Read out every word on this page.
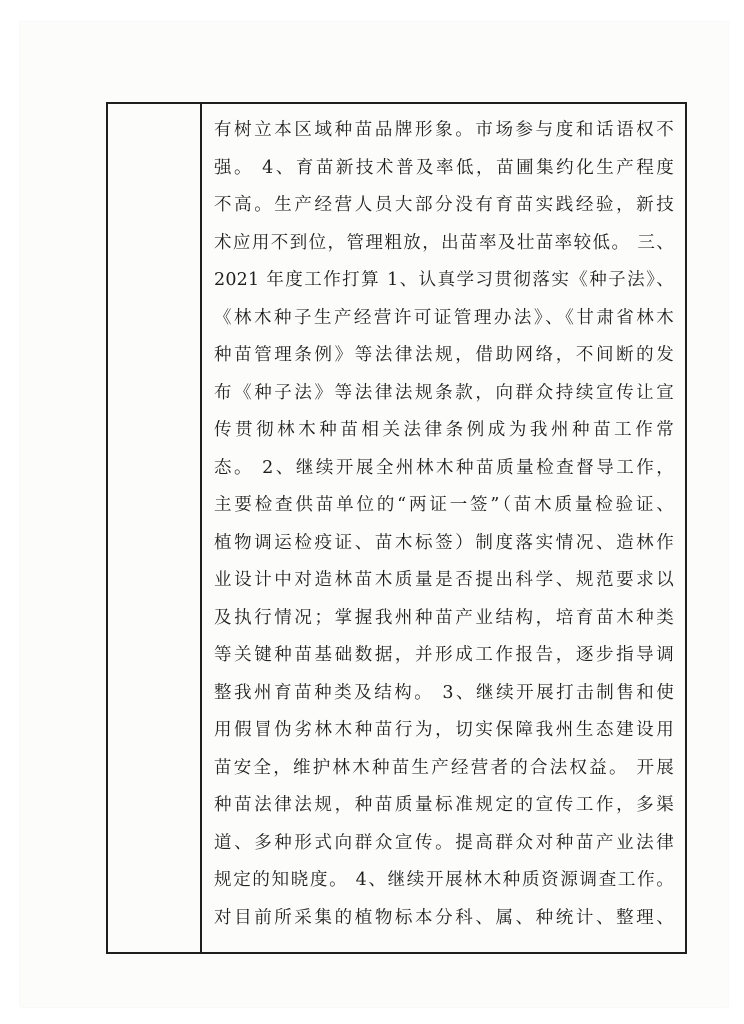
有树立本区域种苗品牌形象。市场参与度和话语权不
强。 4、育苗新技术普及率低，苗圃集约化生产程度
不高。生产经营人员大部分没有育苗实践经验，新技
术应用不到位，管理粗放，出苗率及壮苗率较低。 三、
2021 年度工作打算 1、认真学习贯彻落实《种子法》、
《林木种子生产经营许可证管理办法》、《甘肃省林木
种苗管理条例》等法律法规，借助网络，不间断的发
布《种子法》等法律法规条款，向群众持续宣传让宣
传贯彻林木种苗相关法律条例成为我州种苗工作常
态。 2、继续开展全州林木种苗质量检查督导工作，
主要检查供苗单位的“两证一签”（苗木质量检验证、
植物调运检疫证、苗木标签）制度落实情况、造林作
业设计中对造林苗木质量是否提出科学、规范要求以
及执行情况；掌握我州种苗产业结构，培育苗木种类
等关键种苗基础数据，并形成工作报告，逐步指导调
整我州育苗种类及结构。 3、继续开展打击制售和使
用假冒伪劣林木种苗行为，切实保障我州生态建设用
苗安全，维护林木种苗生产经营者的合法权益。 开展
种苗法律法规，种苗质量标准规定的宣传工作，多渠
道、多种形式向群众宣传。提高群众对种苗产业法律
规定的知晓度。 4、继续开展林木种质资源调查工作。
对目前所采集的植物标本分科、属、种统计、整理、
